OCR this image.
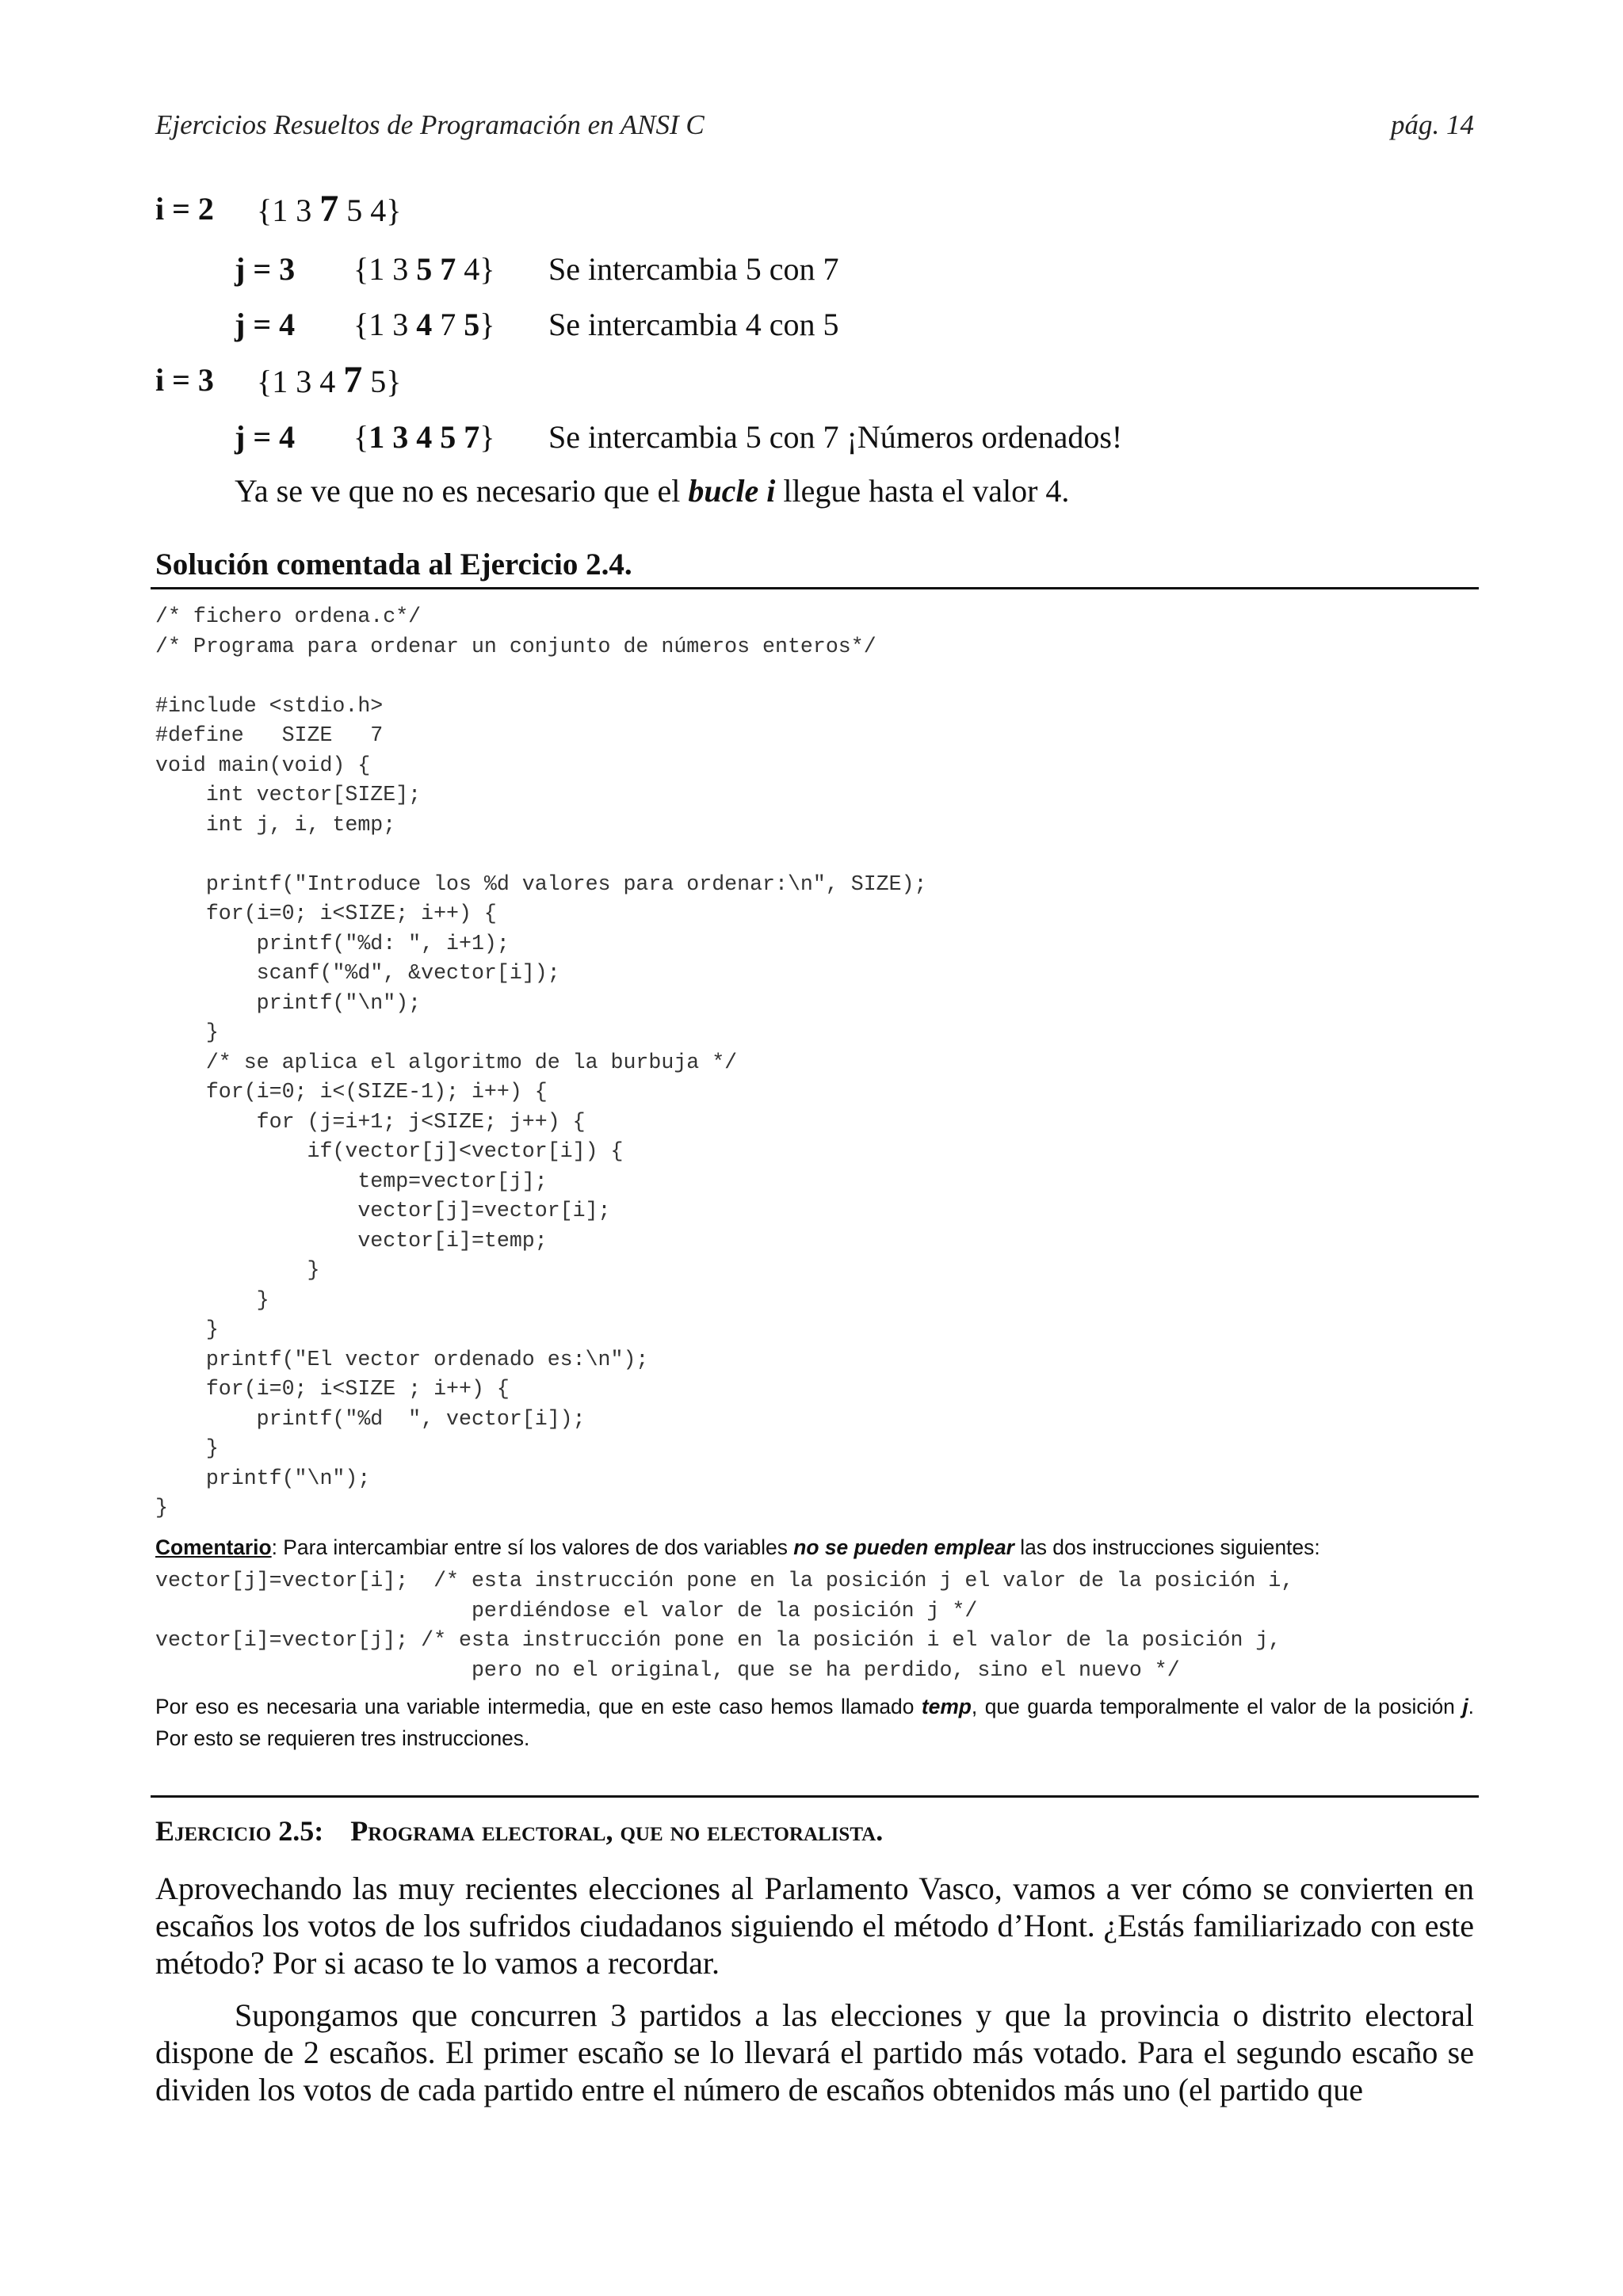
Ejercicios Resueltos de Programación en ANSI C	pág. 14
i = 2 {1 3 7 5 4}
j = 3 {1 3 5 7 4} Se intercambia 5 con 7
j = 4 {1 3 4 7 5} Se intercambia 4 con 5
i = 3 {1 3 4 7 5}
j = 4 {1 3 4 5 7} Se intercambia 5 con 7 ¡Números ordenados!
Ya se ve que no es necesario que el bucle i llegue hasta el valor 4.
Solución comentada al Ejercicio 2.4.
/* fichero ordena.c*/
/* Programa para ordenar un conjunto de números enteros*/

#include <stdio.h>
#define   SIZE   7
void main(void) {
int vector[SIZE];
int j, i, temp;

printf("Introduce los %d valores para ordenar:\n", SIZE);
for(i=0; i<SIZE; i++) {
printf("%d: ", i+1);
scanf("%d", &vector[i]);
printf("\n");
}
/* se aplica el algoritmo de la burbuja */
for(i=0; i<(SIZE-1); i++) {
for (j=i+1; j<SIZE; j++) {
if(vector[j]<vector[i]) {
temp=vector[j];
vector[j]=vector[i];
vector[i]=temp;
}
}
}
printf("El vector ordenado es:\n");
for(i=0; i<SIZE ; i++) {
printf("%d  ", vector[i]);
}
printf("\n");
}
Comentario: Para intercambiar entre sí los valores de dos variables no se pueden emplear las dos instrucciones siguientes:
vector[j]=vector[i];  /* esta instrucción pone en la posición j el valor de la posición i,
perdiéndose el valor de la posición j */
vector[i]=vector[j]; /* esta instrucción pone en la posición i el valor de la posición j,
pero no el original, que se ha perdido, sino el nuevo */
Por eso es necesaria una variable intermedia, que en este caso hemos llamado temp, que guarda temporalmente el valor de la posición j. Por esto se requieren tres instrucciones.
Ejercicio 2.5: Programa electoral, que no electoralista.
Aprovechando las muy recientes elecciones al Parlamento Vasco, vamos a ver cómo se convierten en escaños los votos de los sufridos ciudadanos siguiendo el método d’Hont. ¿Estás familiarizado con este método? Por si acaso te lo vamos a recordar.
Supongamos que concurren 3 partidos a las elecciones y que la provincia o distrito electoral dispone de 2 escaños. El primer escaño se lo llevará el partido más votado. Para el segundo escaño se dividen los votos de cada partido entre el número de escaños obtenidos más uno (el partido que
